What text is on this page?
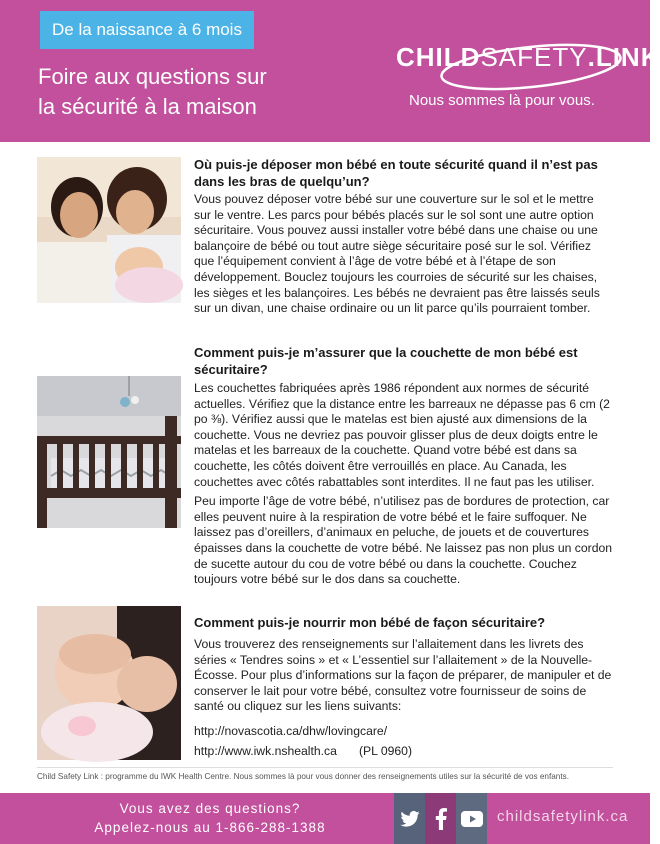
De la naissance à 6 mois
Foire aux questions sur
la sécurité à la maison
CHILDSAFETY.LINK
Nous sommes là pour vous.
Où puis-je déposer mon bébé en toute sécurité quand il n’est pas dans les bras de quelqu’un?
Vous pouvez déposer votre bébé sur une couverture sur le sol et le mettre sur le ventre. Les parcs pour bébés placés sur le sol sont une autre option sécuritaire. Vous pouvez aussi installer votre bébé dans une chaise ou une balançoire de bébé ou tout autre siège sécuritaire posé sur le sol. Vérifiez que l’équipement convient à l’âge de votre bébé et à l’étape de son développement. Bouclez toujours les courroies de sécurité sur les chaises, les sièges et les balançoires. Les bébés ne devraient pas être laissés seuls sur un divan, une chaise ordinaire ou un lit parce qu’ils pourraient tomber.
Comment puis-je m’assurer que la couchette de mon bébé est sécuritaire?
Les couchettes fabriquées après 1986 répondent aux normes de sécurité actuelles. Vérifiez que la distance entre les barreaux ne dépasse pas 6 cm (2 po ⅜). Vérifiez aussi que le matelas est bien ajusté aux dimensions de la couchette. Vous ne devriez pas pouvoir glisser plus de deux doigts entre le matelas et les barreaux de la couchette. Quand votre bébé est dans sa couchette, les côtés doivent être verrouillés en place. Au Canada, les couchettes avec côtés rabattables sont interdites. Il ne faut pas les utiliser.
Peu importe l’âge de votre bébé, n’utilisez pas de bordures de protection, car elles peuvent nuire à la respiration de votre bébé et le faire suffoquer. Ne laissez pas d’oreillers, d’animaux en peluche, de jouets et de couvertures épaisses dans la couchette de votre bébé. Ne laissez pas non plus un cordon de sucette autour du cou de votre bébé ou dans la couchette. Couchez toujours votre bébé sur le dos dans sa couchette.
Comment puis-je nourrir mon bébé de façon sécuritaire?
Vous trouverez des renseignements sur l’allaitement dans les livrets des séries « Tendres soins » et « L’essentiel sur l’allaitement » de la Nouvelle-Écosse. Pour plus d’informations sur la façon de préparer, de manipuler et de conserver le lait pour votre bébé, consultez votre fournisseur de soins de santé ou cliquez sur les liens suivants:
http://novascotia.ca/dhw/lovingcare/
http://www.iwk.nshealth.ca (PL 0960)
Child Safety Link : programme du IWK Health Centre. Nous sommes là pour vous donner des renseignements utiles sur la sécurité de vos enfants.
Vous avez des questions?
Appelez-nous au 1-866-288-1388
childsafetylink.ca
